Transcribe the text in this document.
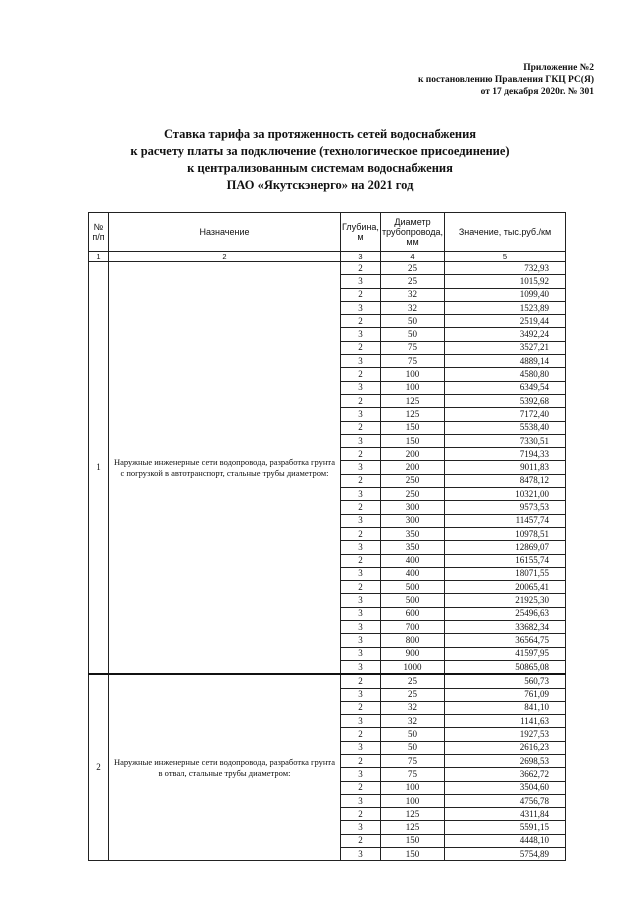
Приложение №2
к постановлению Правления ГКЦ РС(Я)
от 17 декабря 2020г. № 301
Ставка тарифа за протяженность сетей водоснабжения
к расчету платы за подключение (технологическое присоединение)
к централизованным системам водоснабжения
ПАО «Якутскэнерго» на 2021 год
№ п/п	Назначение	Глубина, м	Диаметр трубопровода, мм	Значение, тыс.руб./км
1	2	3	4	5
1	Наружные инженерные сети водопровода, разработка грунта с погрузкой в автотранспорт, стальные трубы диаметром:	2	25	732,93
		3	25	1015,92
		2	32	1099,40
		3	32	1523,89
		2	50	2519,44
		3	50	3492,24
		2	75	3527,21
		3	75	4889,14
		2	100	4580,80
		3	100	6349,54
		2	125	5392,68
		3	125	7172,40
		2	150	5538,40
		3	150	7330,51
		2	200	7194,33
		3	200	9011,83
		2	250	8478,12
		3	250	10321,00
		2	300	9573,53
		3	300	11457,74
		2	350	10978,51
		3	350	12869,07
		2	400	16155,74
		3	400	18071,55
		2	500	20065,41
		3	500	21925,30
		3	600	25496,63
		3	700	33682,34
		3	800	36564,75
		3	900	41597,95
		3	1000	50865,08
2	Наружные инженерные сети водопровода, разработка грунта в отвал, стальные трубы диаметром:	2	25	560,73
		3	25	761,09
		2	32	841,10
		3	32	1141,63
		2	50	1927,53
		3	50	2616,23
		2	75	2698,53
		3	75	3662,72
		2	100	3504,60
		3	100	4756,78
		2	125	4311,84
		3	125	5591,15
		2	150	4448,10
		3	150	5754,89
